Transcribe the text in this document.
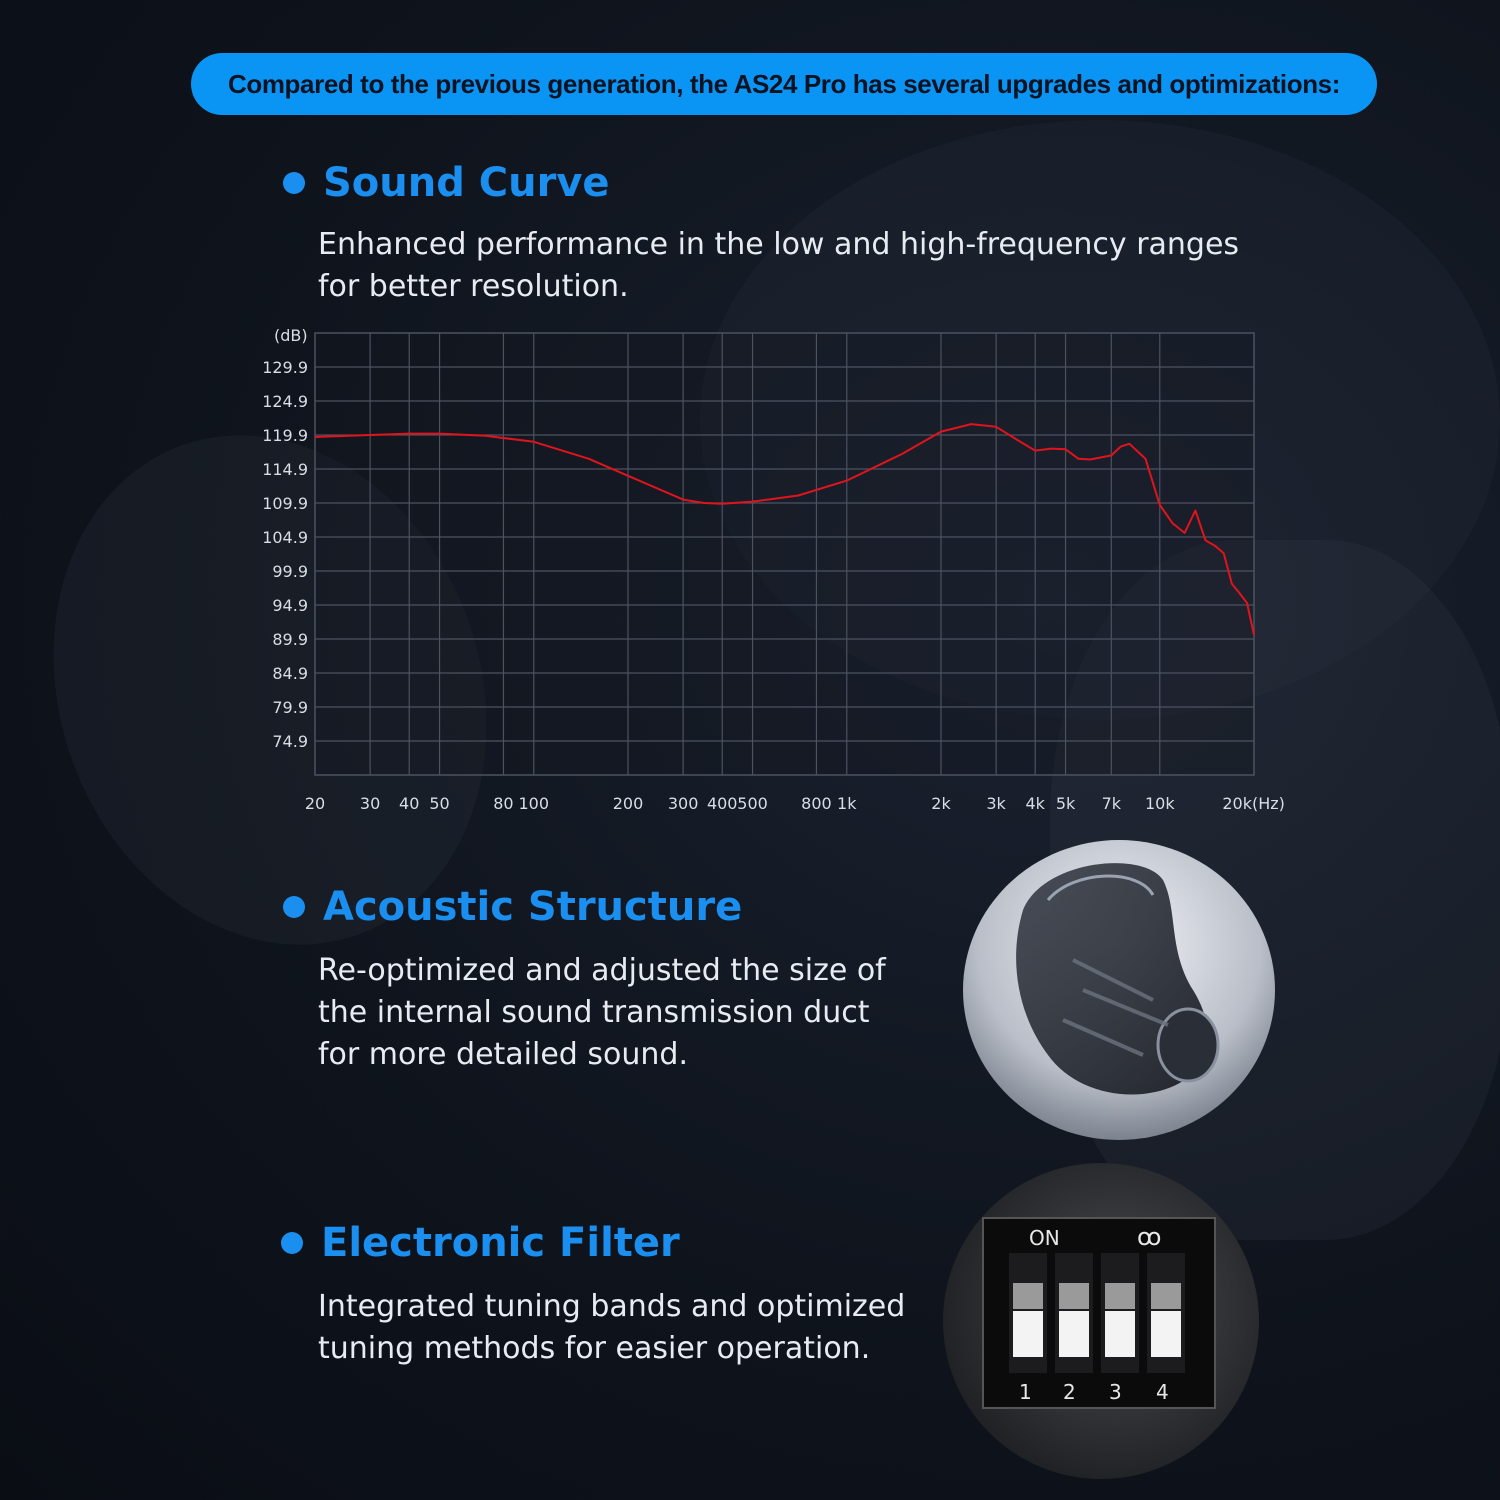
Compared to the previous generation, the AS24 Pro has several upgrades and optimizations:
Sound Curve
Enhanced performance in the low and high-frequency ranges for better resolution.
129.9
124.9
119.9
114.9
109.9
104.9
99.9
94.9
89.9
84.9
79.9
74.9
20 30 40 50	80 100	200 300 400 500 800 1k	2k 3k 4k 5k 7k 10k	20k
(dB)
(Hz)
Acoustic Structure
Re-optimized and adjusted the size of the internal sound transmission duct for more detailed sound.
Electronic Filter
Integrated tuning bands and optimized tuning methods for easier operation.
ON	ꝏ
1 2 3 4
